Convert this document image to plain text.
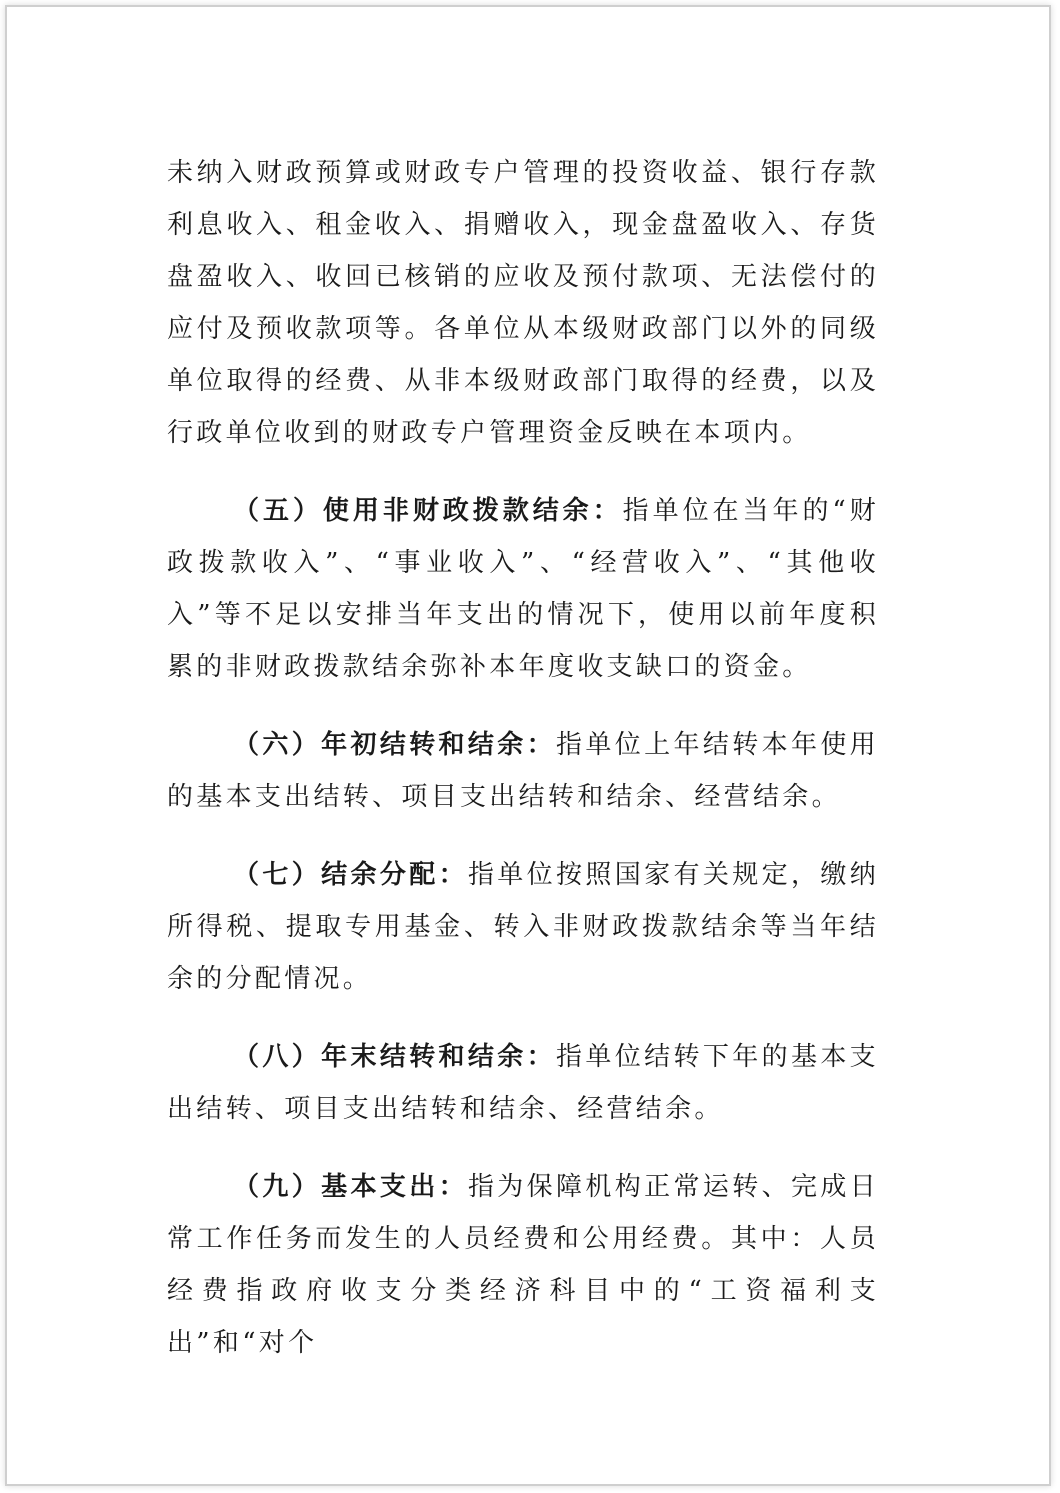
未纳入财政预算或财政专户管理的投资收益、银行存款利息收入、租金收入、捐赠收入，现金盘盈收入、存货盘盈收入、收回已核销的应收及预付款项、无法偿付的应付及预收款项等。各单位从本级财政部门以外的同级单位取得的经费、从非本级财政部门取得的经费，以及行政单位收到的财政专户管理资金反映在本项内。

（五）使用非财政拨款结余：指单位在当年的“财政拨款收入”、“事业收入”、“经营收入”、“其他收入”等不足以安排当年支出的情况下，使用以前年度积累的非财政拨款结余弥补本年度收支缺口的资金。

（六）年初结转和结余：指单位上年结转本年使用的基本支出结转、项目支出结转和结余、经营结余。

（七）结余分配：指单位按照国家有关规定，缴纳所得税、提取专用基金、转入非财政拨款结余等当年结余的分配情况。

（八）年末结转和结余：指单位结转下年的基本支出结转、项目支出结转和结余、经营结余。

（九）基本支出：指为保障机构正常运转、完成日常工作任务而发生的人员经费和公用经费。其中：人员经费指政府收支分类经济科目中的“工资福利支出”和“对个
